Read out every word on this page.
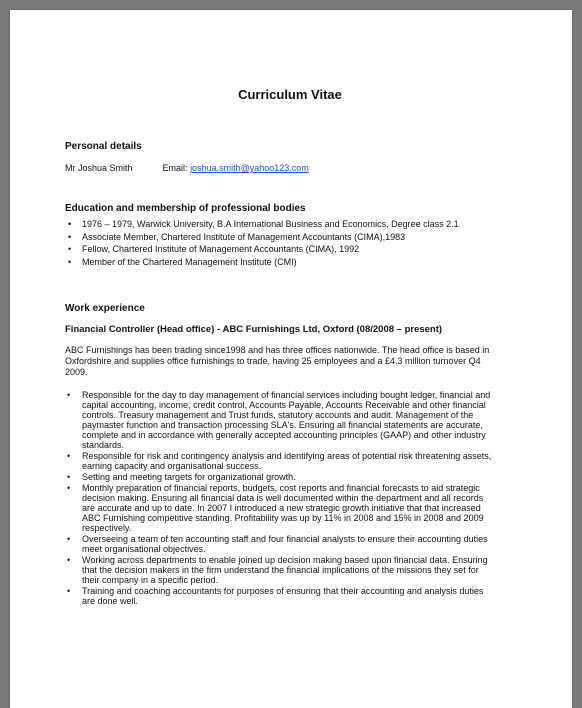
Curriculum Vitae
Personal details
Mr Joshua Smith	Email: joshua.smith@yahoo123.com
Education and membership of professional bodies
• 1976 – 1979, Warwick University, B.A International Business and Economics, Degree class 2.1
• Associate Member, Chartered Institute of Management Accountants (CIMA),1983
• Fellow, Chartered Institute of Management Accountants (CIMA), 1992
• Member of the Chartered Management Institute (CMI)
Work experience
Financial Controller (Head office) - ABC Furnishings Ltd, Oxford (08/2008 – present)
ABC Furnishings has been trading since1998 and has three offices nationwide. The head office is based in Oxfordshire and supplies office furnishings to trade, having 25 employees and a £4.3 million turnover Q4 2009.
• Responsible for the day to day management of financial services including bought ledger, financial and capital accounting, income, credit control, Accounts Payable, Accounts Receivable and other financial controls. Treasury management and Trust funds, statutory accounts and audit. Management of the paymaster function and transaction processing SLA's. Ensuring all financial statements are accurate, complete and in accordance with generally accepted accounting principles (GAAP) and other industry standards.
• Responsible for risk and contingency analysis and identifying areas of potential risk threatening assets, earning capacity and organisational success.
• Setting and meeting targets for organizational growth.
• Monthly preparation of financial reports, budgets, cost reports and financial forecasts to aid strategic decision making. Ensuring all financial data is well documented within the department and all records are accurate and up to date. In 2007 I introduced a new strategic growth initiative that that increased ABC Furnishing competitive standing. Profitability was up by 11% in 2008 and 15% in 2008 and 2009 respectively.
• Overseeing a team of ten accounting staff and four financial analysts to ensure their accounting duties meet organisational objectives.
• Working across departments to enable joined up decision making based upon financial data. Ensuring that the decision makers in the firm understand the financial implications of the missions they set for their company in a specific period.
• Training and coaching accountants for purposes of ensuring that their accounting and analysis duties are done well.
